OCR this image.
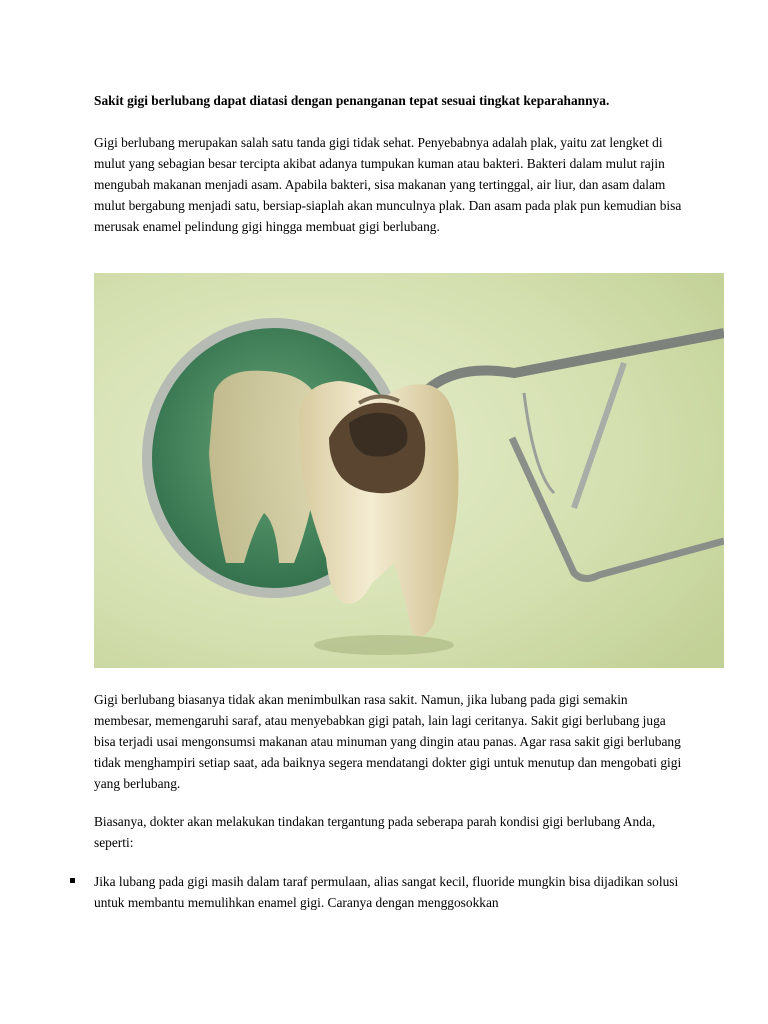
Sakit gigi berlubang dapat diatasi dengan penanganan tepat sesuai tingkat keparahannya.

Gigi berlubang merupakan salah satu tanda gigi tidak sehat. Penyebabnya adalah plak, yaitu zat lengket di mulut yang sebagian besar tercipta akibat adanya tumpukan kuman atau bakteri. Bakteri dalam mulut rajin mengubah makanan menjadi asam. Apabila bakteri, sisa makanan yang tertinggal, air liur, dan asam dalam mulut bergabung menjadi satu, bersiap-siaplah akan munculnya plak. Dan asam pada plak pun kemudian bisa merusak enamel pelindung gigi hingga membuat gigi berlubang.

Gigi berlubang biasanya tidak akan menimbulkan rasa sakit. Namun, jika lubang pada gigi semakin membesar, memengaruhi saraf, atau menyebabkan gigi patah, lain lagi ceritanya. Sakit gigi berlubang juga bisa terjadi usai mengonsumsi makanan atau minuman yang dingin atau panas. Agar rasa sakit gigi berlubang tidak menghampiri setiap saat, ada baiknya segera mendatangi dokter gigi untuk menutup dan mengobati gigi yang berlubang.

Biasanya, dokter akan melakukan tindakan tergantung pada seberapa parah kondisi gigi berlubang Anda, seperti:

Jika lubang pada gigi masih dalam taraf permulaan, alias sangat kecil, fluoride mungkin bisa dijadikan solusi untuk membantu memulihkan enamel gigi. Caranya dengan menggosokkan
